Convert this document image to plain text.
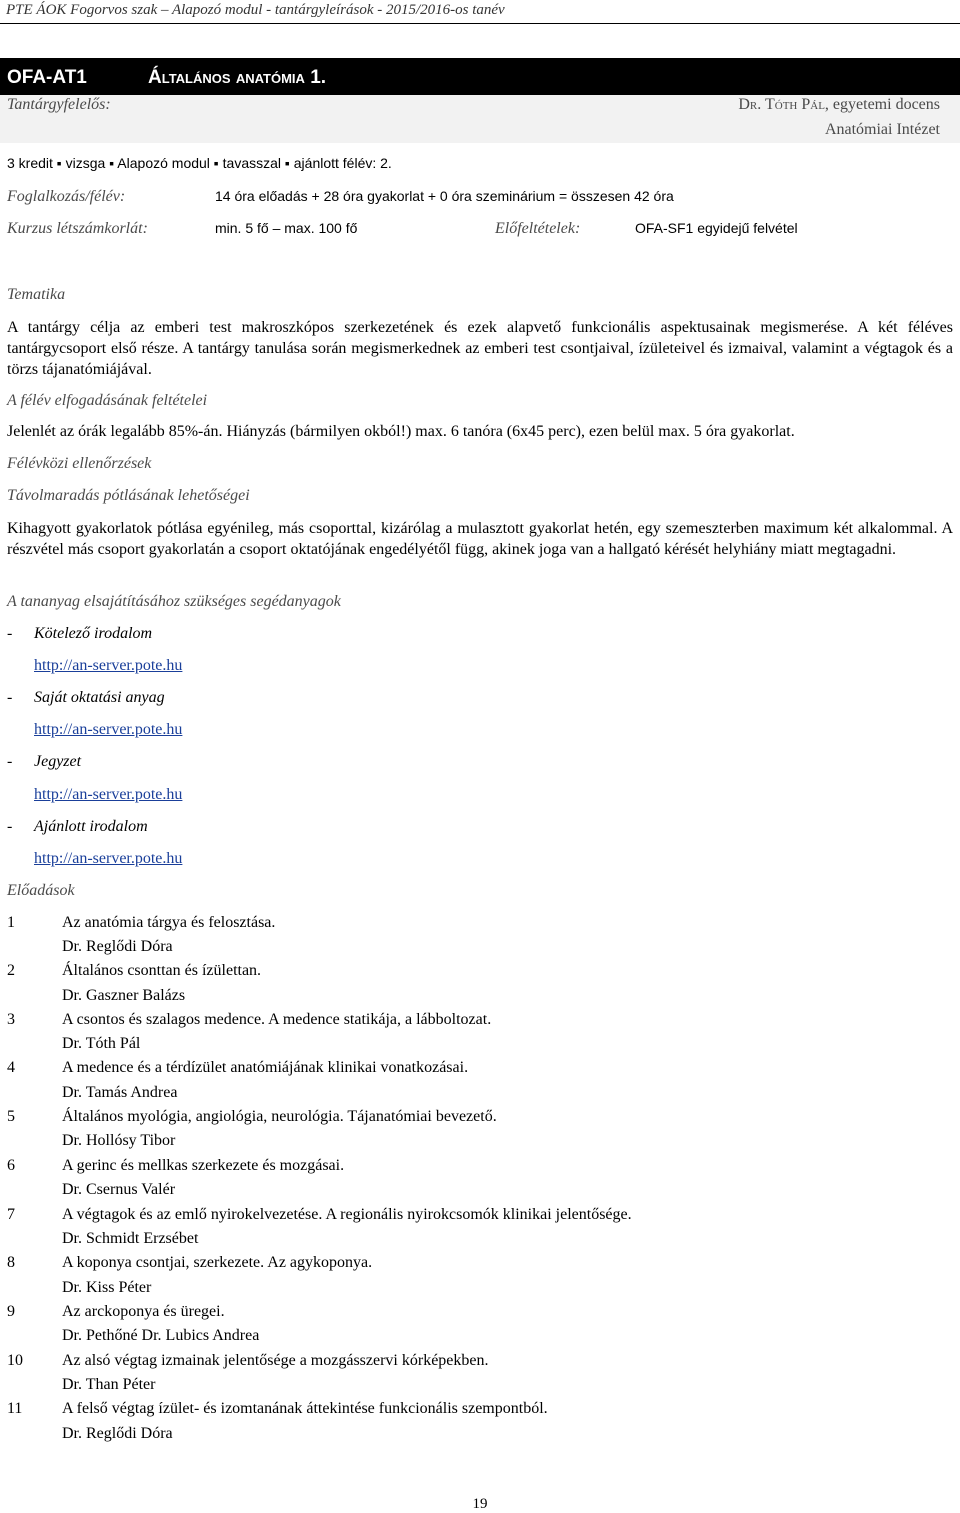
PTE ÁOK Fogorvos szak – Alapozó modul - tantárgyleírások - 2015/2016-os tanév
OFA-AT1	Általános anatómia 1.
Tantárgyfelelős:	Dr. Tóth Pál, egyetemi docens
Anatómiai Intézet
3 kredit ▪ vizsga ▪ Alapozó modul ▪ tavasszal ▪ ajánlott félév: 2.
Foglalkozás/félév:	14 óra előadás + 28 óra gyakorlat + 0 óra szeminárium = összesen 42 óra
Kurzus létszámkorlát:	min. 5 fő – max. 100 fő	Előfeltételek:	OFA-SF1 egyidejű felvétel
Tematika
A tantárgy célja az emberi test makroszkópos szerkezetének és ezek alapvető funkcionális aspektusainak megismerése. A két féléves tantárgycsoport első része. A tantárgy tanulása során megismerkednek az emberi test csontjaival, ízületeivel és izmaival, valamint a végtagok és a törzs tájanatómiájával.
A félév elfogadásának feltételei
Jelenlét az órák legalább 85%-án. Hiányzás (bármilyen okból!) max. 6 tanóra (6x45 perc), ezen belül max. 5 óra gyakorlat.
Félévközi ellenőrzések
Távolmaradás pótlásának lehetőségei
Kihagyott gyakorlatok pótlása egyénileg, más csoporttal, kizárólag a mulasztott gyakorlat hetén, egy szemeszterben maximum két alkalommal. A részvétel más csoport gyakorlatán a csoport oktatójának engedélyétől függ, akinek joga van a hallgató kérését helyhiány miatt megtagadni.
A tananyag elsajátításához szükséges segédanyagok
- Kötelező irodalom
http://an-server.pote.hu
- Saját oktatási anyag
http://an-server.pote.hu
- Jegyzet
http://an-server.pote.hu
- Ajánlott irodalom
http://an-server.pote.hu
Előadások
1	Az anatómia tárgya és felosztása.
Dr. Reglődi Dóra
2	Általános csonttan és ízülettan.
Dr. Gaszner Balázs
3	A csontos és szalagos medence. A medence statikája, a lábboltozat.
Dr. Tóth Pál
4	A medence és a térdízület anatómiájának klinikai vonatkozásai.
Dr. Tamás Andrea
5	Általános myológia, angiológia, neurológia. Tájanatómiai bevezető.
Dr. Hollósy Tibor
6	A gerinc és mellkas szerkezete és mozgásai.
Dr. Csernus Valér
7	A végtagok és az emlő nyirokelvezetése. A regionális nyirokcsomók klinikai jelentősége.
Dr. Schmidt Erzsébet
8	A koponya csontjai, szerkezete. Az agykoponya.
Dr. Kiss Péter
9	Az arckoponya és üregei.
Dr. Pethőné Dr. Lubics Andrea
10 Az alsó végtag izmainak jelentősége a mozgásszervi kórképekben.
Dr. Than Péter
11 A felső végtag ízület- és izomtanának áttekintése funkcionális szempontból.
Dr. Reglődi Dóra
19
